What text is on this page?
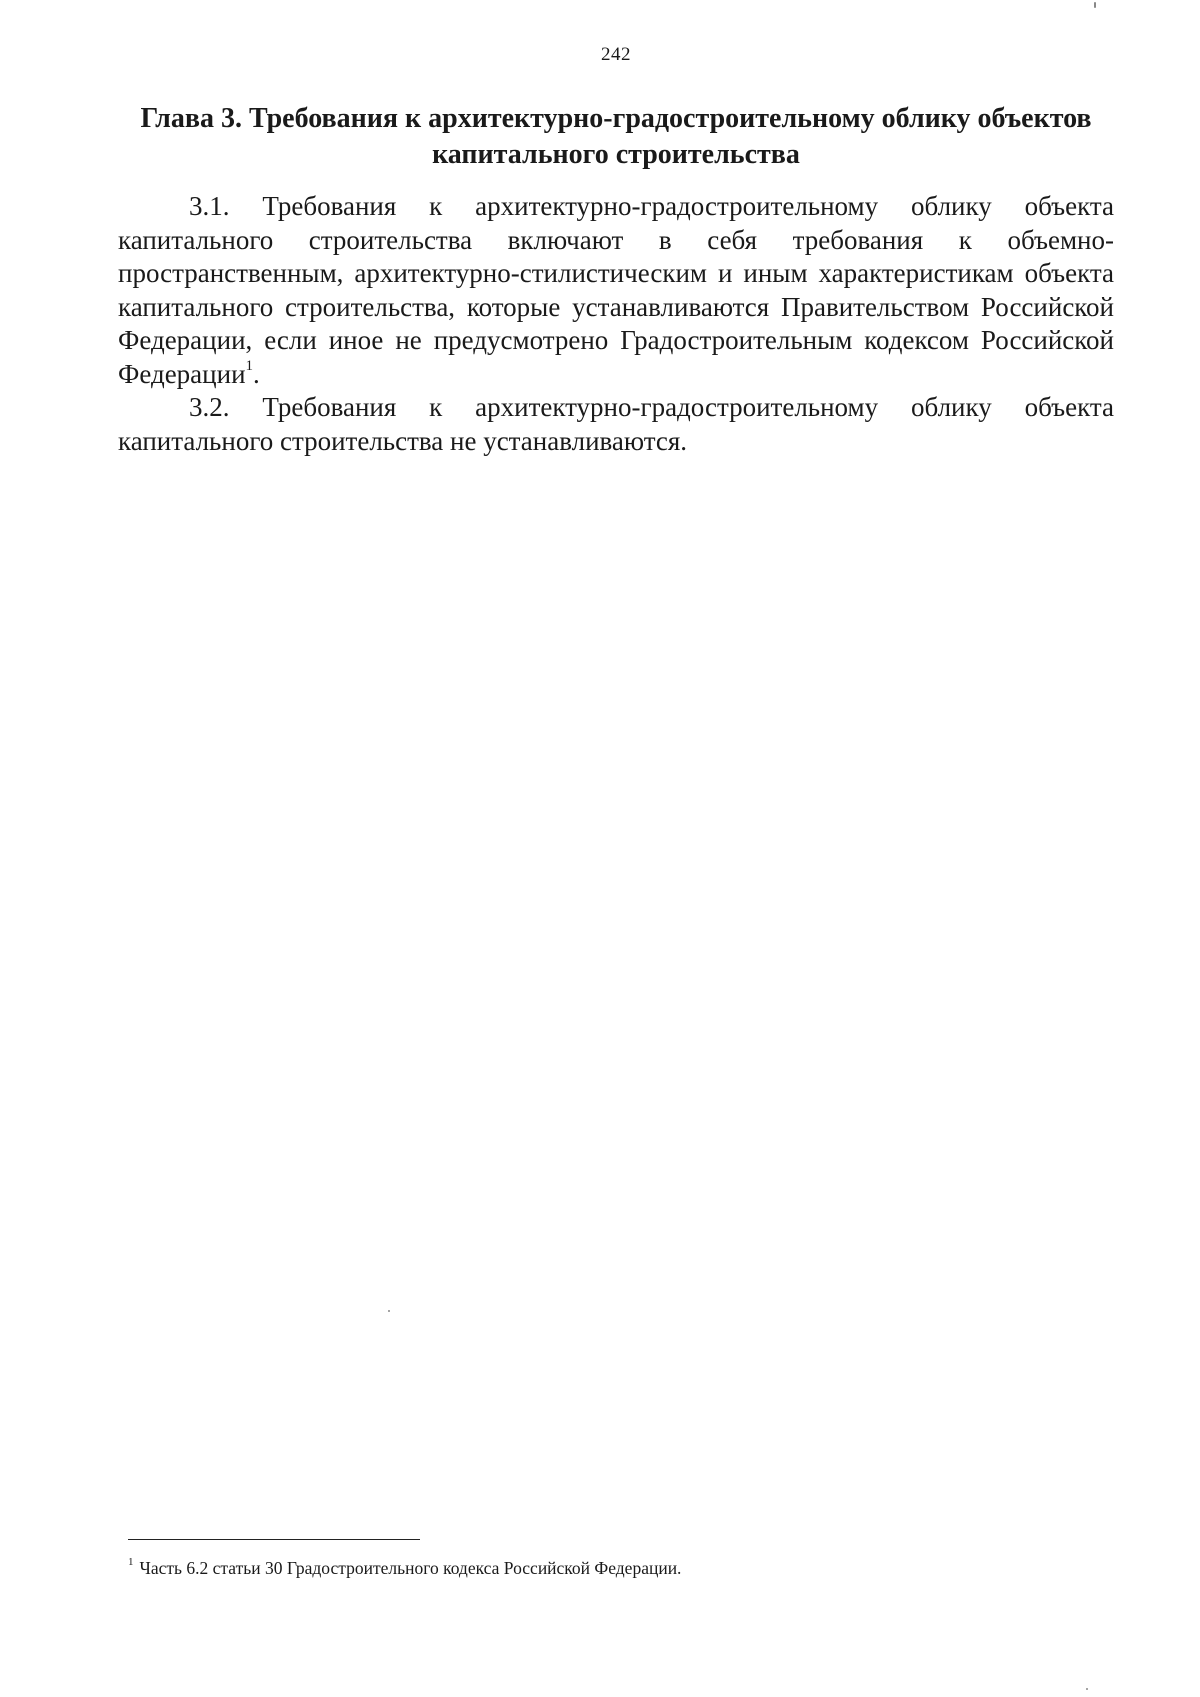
242
Глава 3. Требования к архитектурно-градостроительному облику объектов
капитального строительства

3.1. Требования к архитектурно-градостроительному облику объекта капитального строительства включают в себя требования к объемно-пространственным, архитектурно-стилистическим и иным характеристикам объекта капитального строительства, которые устанавливаются Правительством Российской Федерации, если иное не предусмотрено Градостроительным кодексом Российской Федерации$^1$.

3.2. Требования к архитектурно-градостроительному облику объекта капитального строительства не устанавливаются.

$^1$ Часть 6.2 статьи 30 Градостроительного кодекса Российской Федерации.
